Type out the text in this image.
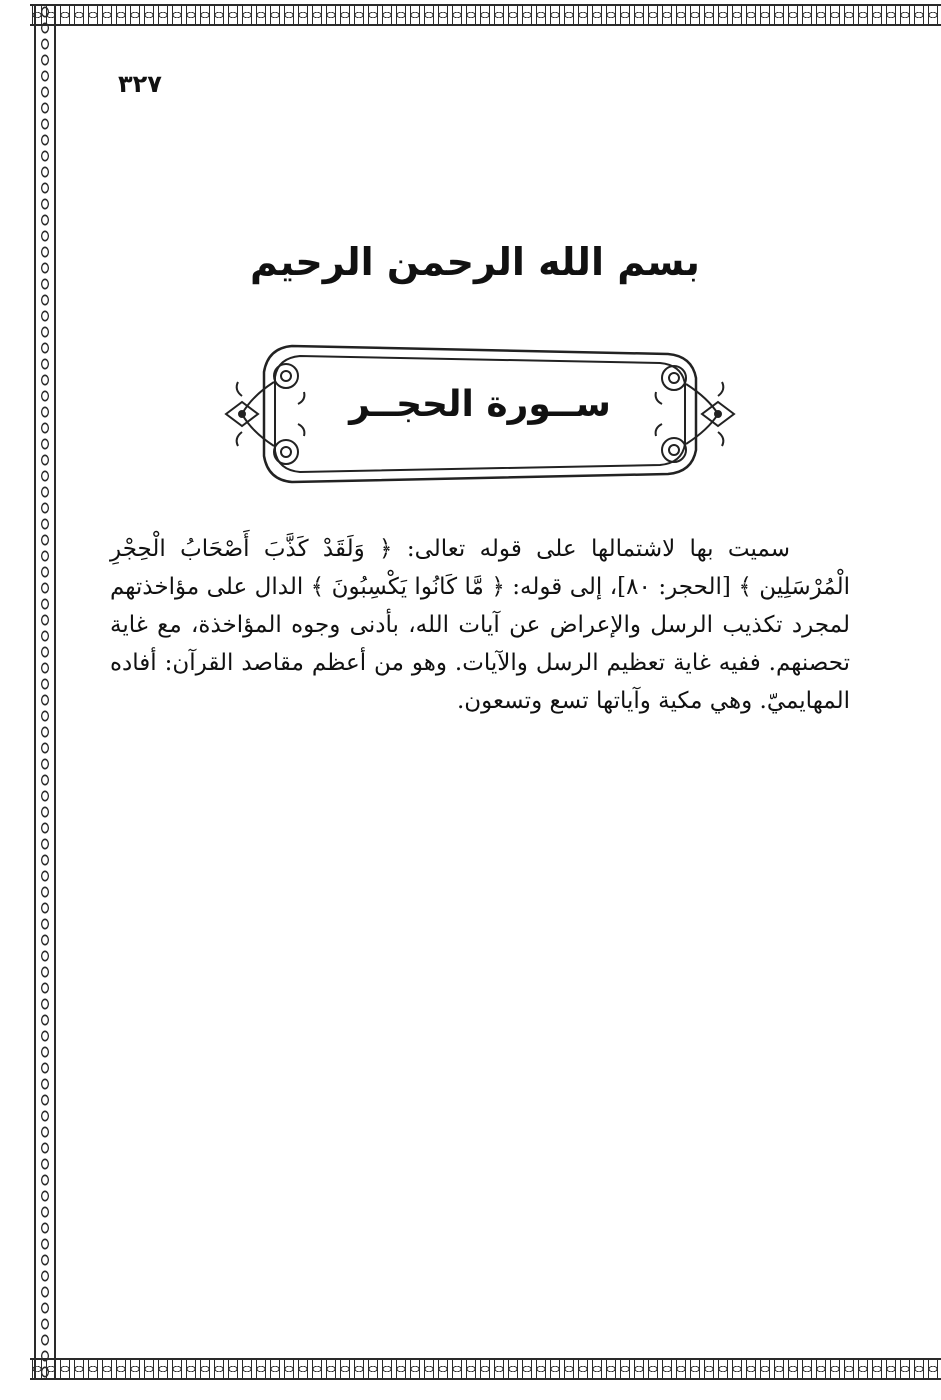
٣٢٧
بسم الله الرحمن الرحيم
ســورة الحجــر

سميت بها لاشتمالها على قوله تعالى: ﴿ وَلَقَدْ كَذَّبَ أَصْحَابُ الْحِجْرِ الْمُرْسَلِين ﴾ [الحجر: ٨٠]، إلى قوله: ﴿ مَّا كَانُوا يَكْسِبُونَ ﴾ الدال على مؤاخذتهم لمجرد تكذيب الرسل والإعراض عن آيات الله، بأدنى وجوه المؤاخذة، مع غاية تحصنهم. ففيه غاية تعظيم الرسل والآيات. وهو من أعظم مقاصد القرآن: أفاده المهايميّ. وهي مكية وآياتها تسع وتسعون.
